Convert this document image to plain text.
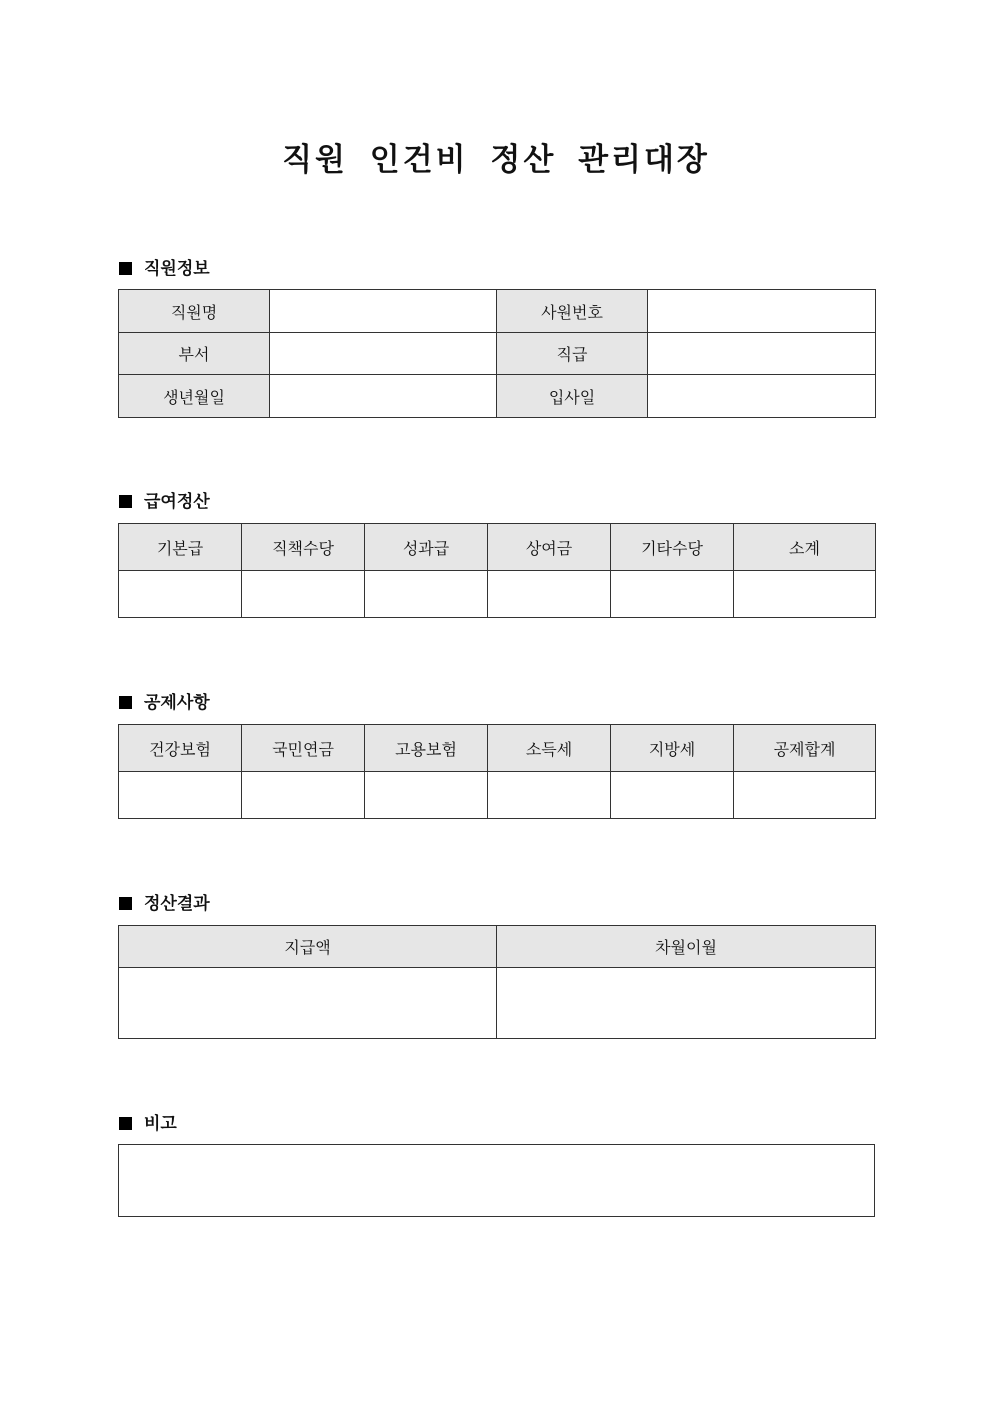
직원 인건비 정산 관리대장
직원정보
직원명		사원번호	
부서		직급	
생년월일		입사일	
급여정산
기본급	직책수당	성과급	상여금	기타수당	소계

공제사항
건강보험	국민연금	고용보험	소득세	지방세	공제합계

정산결과
지급액	차월이월

비고
